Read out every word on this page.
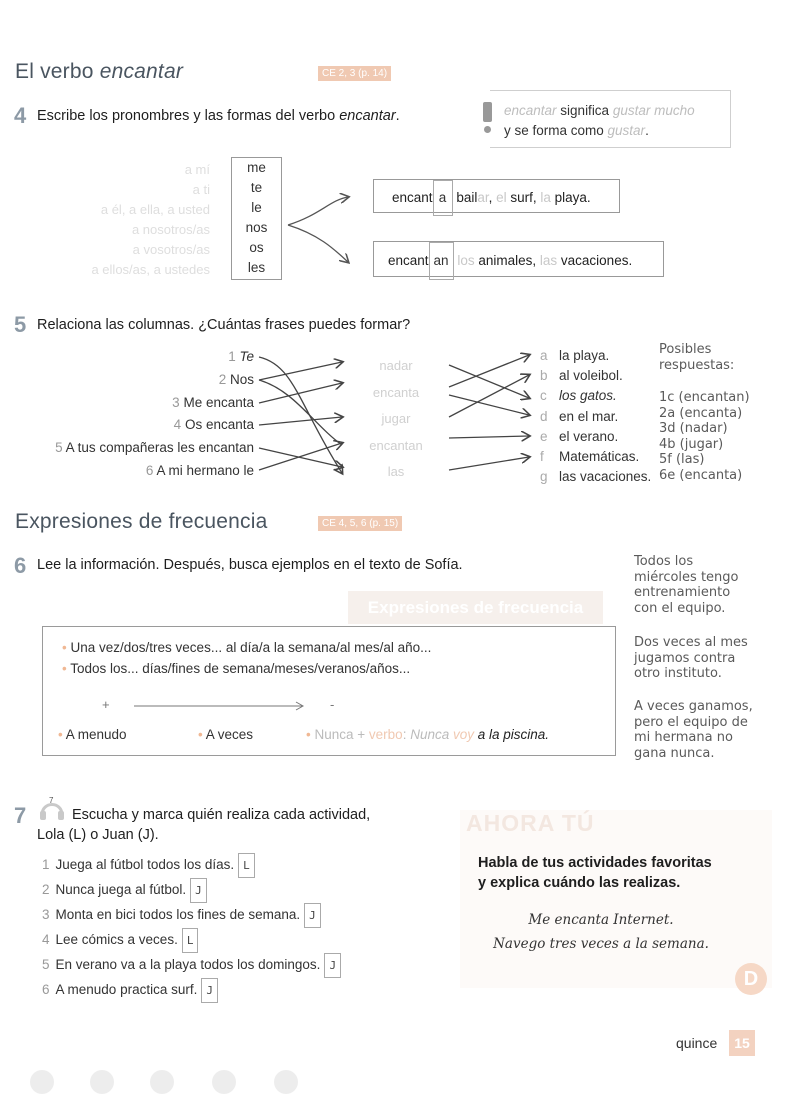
El verbo encantar	CE 2, 3 (p. 14)
4 Escribe los pronombres y las formas del verbo encantar.	encantar significa gustar mucho
y se forma como gustar.
a mí
a ti
a él, a ella, a usted
a nosotros/as
a vosotros/as
a ellos/as, a ustedes
me
te
le
nos
os
les
encant a bailar, el surf, la playa.
encant an los animales, las vacaciones.
5 Relaciona las columnas. ¿Cuántas frases puedes formar?
1 Te
2 Nos
3 Me encanta
4 Os encanta
5 A tus compañeras les encantan
6 A mi hermano le
nadar
encanta
jugar
encantan
las
a la playa.
b al voleibol.
c los gatos.
d en el mar.
e el verano.
f Matemáticas.
g las vacaciones.
Posibles
respuestas:
1c (encantan)
2a (encanta)
3d (nadar)
4b (jugar)
5f (las)
6e (encanta)
Expresiones de frecuencia	CE 4, 5, 6 (p. 15)
6 Lee la información. Después, busca ejemplos en el texto de Sofía.
Expresiones de frecuencia
• Una vez/dos/tres veces... al día/a la semana/al mes/al año...
• Todos los... días/fines de semana/meses/veranos/años...
+	-
• A menudo	• A veces	• Nunca + verbo: Nunca voy a la piscina.
Todos los
miércoles tengo
entrenamiento
con el equipo.
Dos veces al mes
jugamos contra
otro instituto.
A veces ganamos,
pero el equipo de
mi hermana no
gana nunca.
7
7
Escucha y marca quién realiza cada actividad,
Lola (L) o Juan (J).
1 Juega al fútbol todos los días. L
2 Nunca juega al fútbol. J
3 Monta en bici todos los fines de semana. J
4 Lee cómics a veces. L
5 En verano va a la playa todos los domingos. J
6 A menudo practica surf. J
AHORA TÚ
Habla de tus actividades favoritas
y explica cuándo las realizas.
Me encanta Internet.
Navego tres veces a la semana.
D
quince	15
